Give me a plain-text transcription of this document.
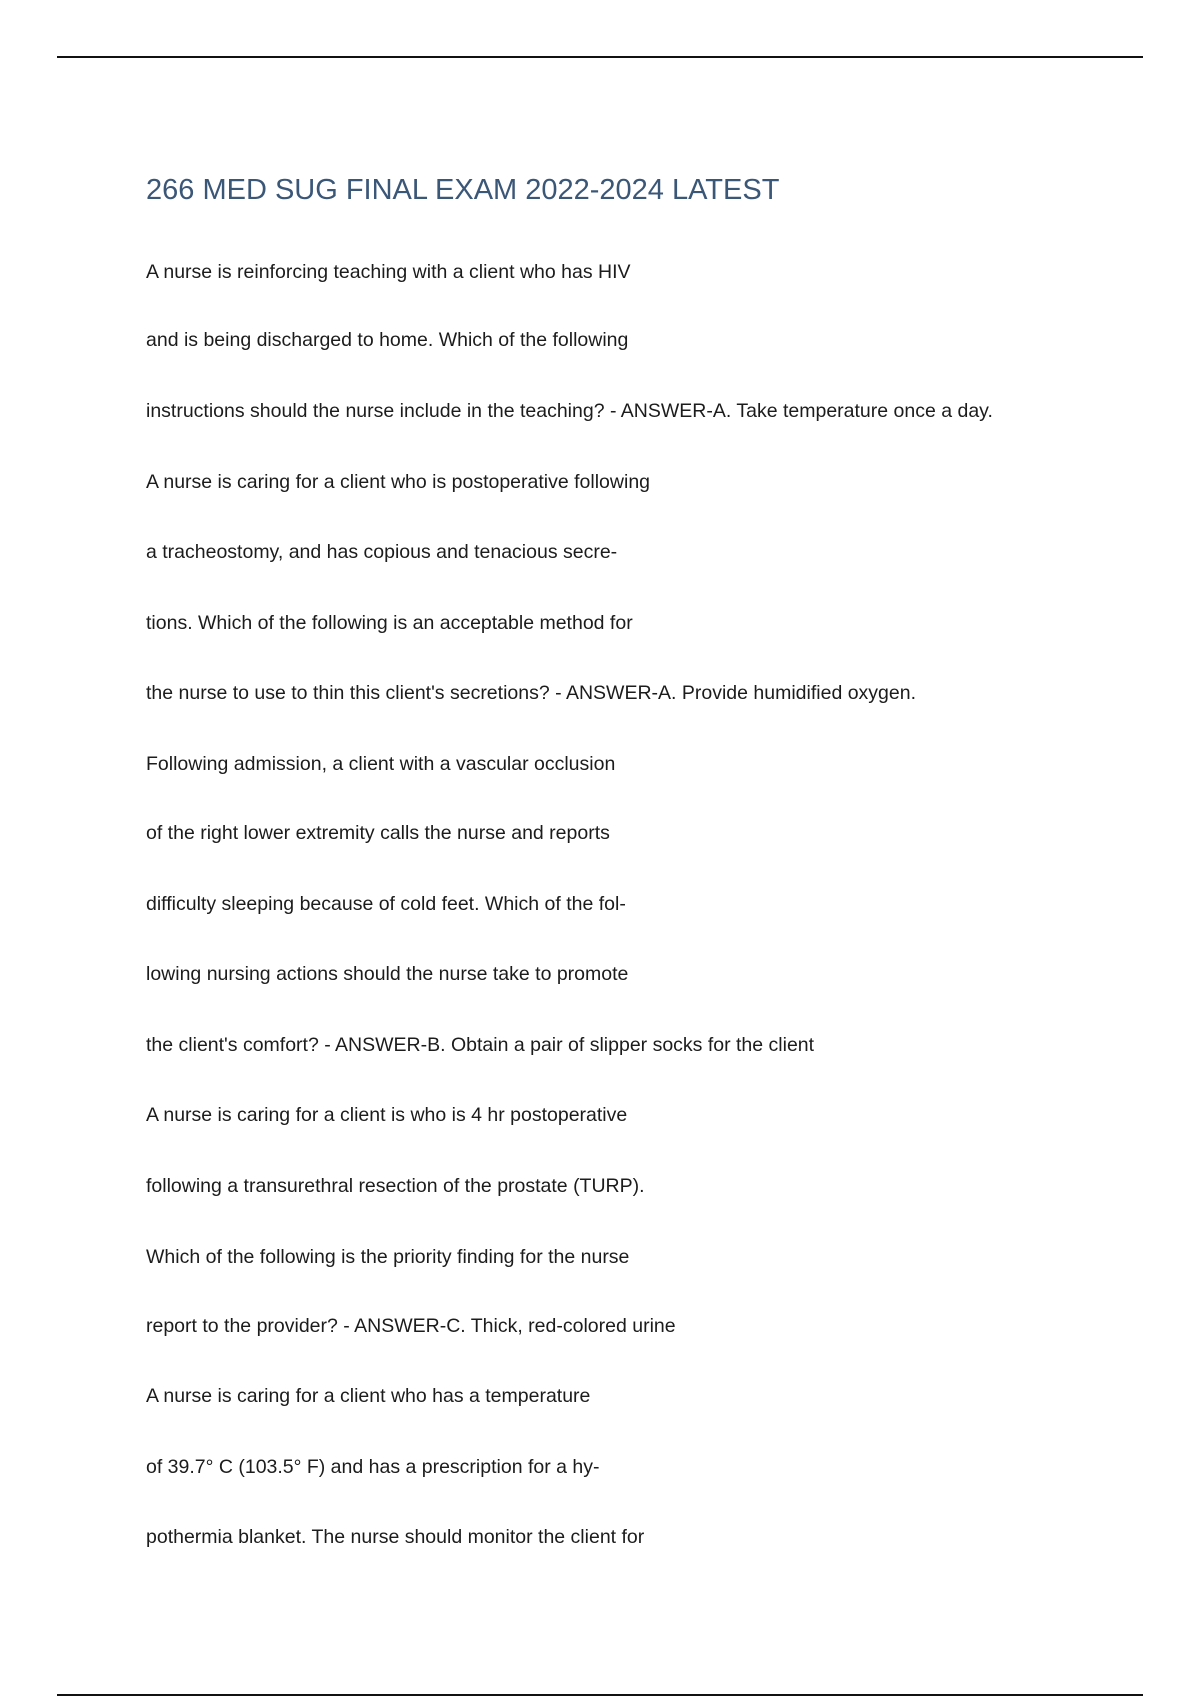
266 MED SUG FINAL EXAM 2022-2024 LATEST
A nurse is reinforcing teaching with a client who has HIV
and is being discharged to home. Which of the following
instructions should the nurse include in the teaching? - ANSWER-A. Take temperature once a day.
A nurse is caring for a client who is postoperative following
a tracheostomy, and has copious and tenacious secre-
tions. Which of the following is an acceptable method for
the nurse to use to thin this client's secretions? - ANSWER-A. Provide humidified oxygen.
Following admission, a client with a vascular occlusion
of the right lower extremity calls the nurse and reports
difficulty sleeping because of cold feet. Which of the fol-
lowing nursing actions should the nurse take to promote
the client's comfort? - ANSWER-B. Obtain a pair of slipper socks for the client
A nurse is caring for a client is who is 4 hr postoperative
following a transurethral resection of the prostate (TURP).
Which of the following is the priority finding for the nurse
report to the provider? - ANSWER-C. Thick, red-colored urine
A nurse is caring for a client who has a temperature
of 39.7° C (103.5° F) and has a prescription for a hy-
pothermia blanket. The nurse should monitor the client for
